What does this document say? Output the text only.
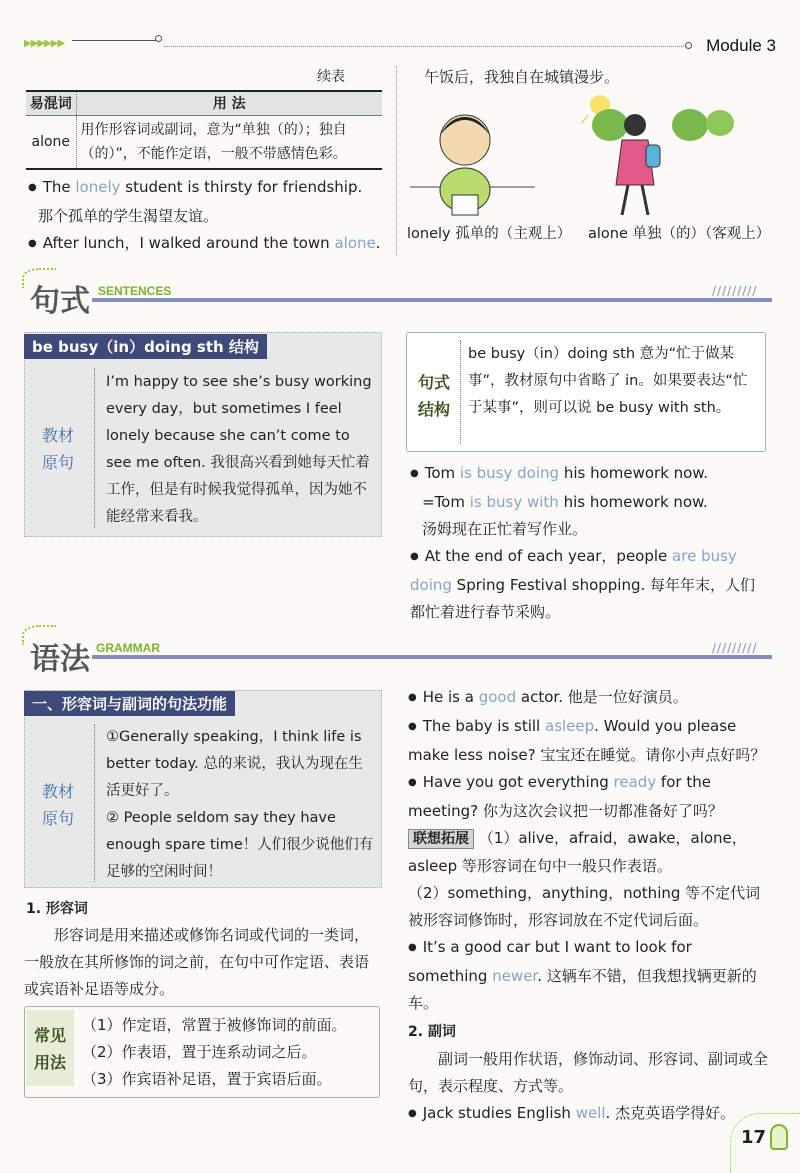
▶▶▶▶▶▶	Module 3
续表
易混词	用 法
alone	用作形容词或副词，意为“单独（的）；独自
（的）”，不能作定语，一般不带感情色彩。
● The lonely student is thirsty for friendship.
那个孤单的学生渴望友谊。
● After lunch，I walked around the town alone.
午饭后，我独自在城镇漫步。
lonely 孤单的（主观上） alone 单独（的）（客观上）
句式 SENTENCES	/////////
be busy（in）doing sth 结构
教材原句
I’m happy to see she’s busy working every day，but sometimes I feel lonely because she can’t come to see me often. 我很高兴看到她每天忙着工作，但是有时候我觉得孤单，因为她不能经常来看我。
句式结构
be busy（in）doing sth 意为“忙于做某事”，教材原句中省略了 in。如果要表达“忙于某事”，则可以说 be busy with sth。
● Tom is busy doing his homework now.
=Tom is busy with his homework now.
汤姆现在正忙着写作业。
● At the end of each year，people are busy doing Spring Festival shopping. 每年年末，人们都忙着进行春节采购。
语法 GRAMMAR	/////////
一、形容词与副词的句法功能
教材原句
①Generally speaking，I think life is better today. 总的来说，我认为现在生活更好了。
② People seldom say they have enough spare time！人们很少说他们有足够的空闲时间！
1. 形容词
形容词是用来描述或修饰名词或代词的一类词，一般放在其所修饰的词之前，在句中可作定语、表语或宾语补足语等成分。
常见用法
（1）作定语，常置于被修饰词的前面。
（2）作表语，置于连系动词之后。
（3）作宾语补足语，置于宾语后面。
● He is a good actor. 他是一位好演员。
● The baby is still asleep. Would you please make less noise? 宝宝还在睡觉。请你小声点好吗？
● Have you got everything ready for the meeting? 你为这次会议把一切都准备好了吗？
联想拓展 （1）alive，afraid，awake，alone，asleep 等形容词在句中一般只作表语。
（2）something，anything，nothing 等不定代词被形容词修饰时，形容词放在不定代词后面。
● It’s a good car but I want to look for something newer. 这辆车不错，但我想找辆更新的车。
2. 副词
副词一般用作状语，修饰动词、形容词、副词或全句，表示程度、方式等。
● Jack studies English well. 杰克英语学得好。
17
